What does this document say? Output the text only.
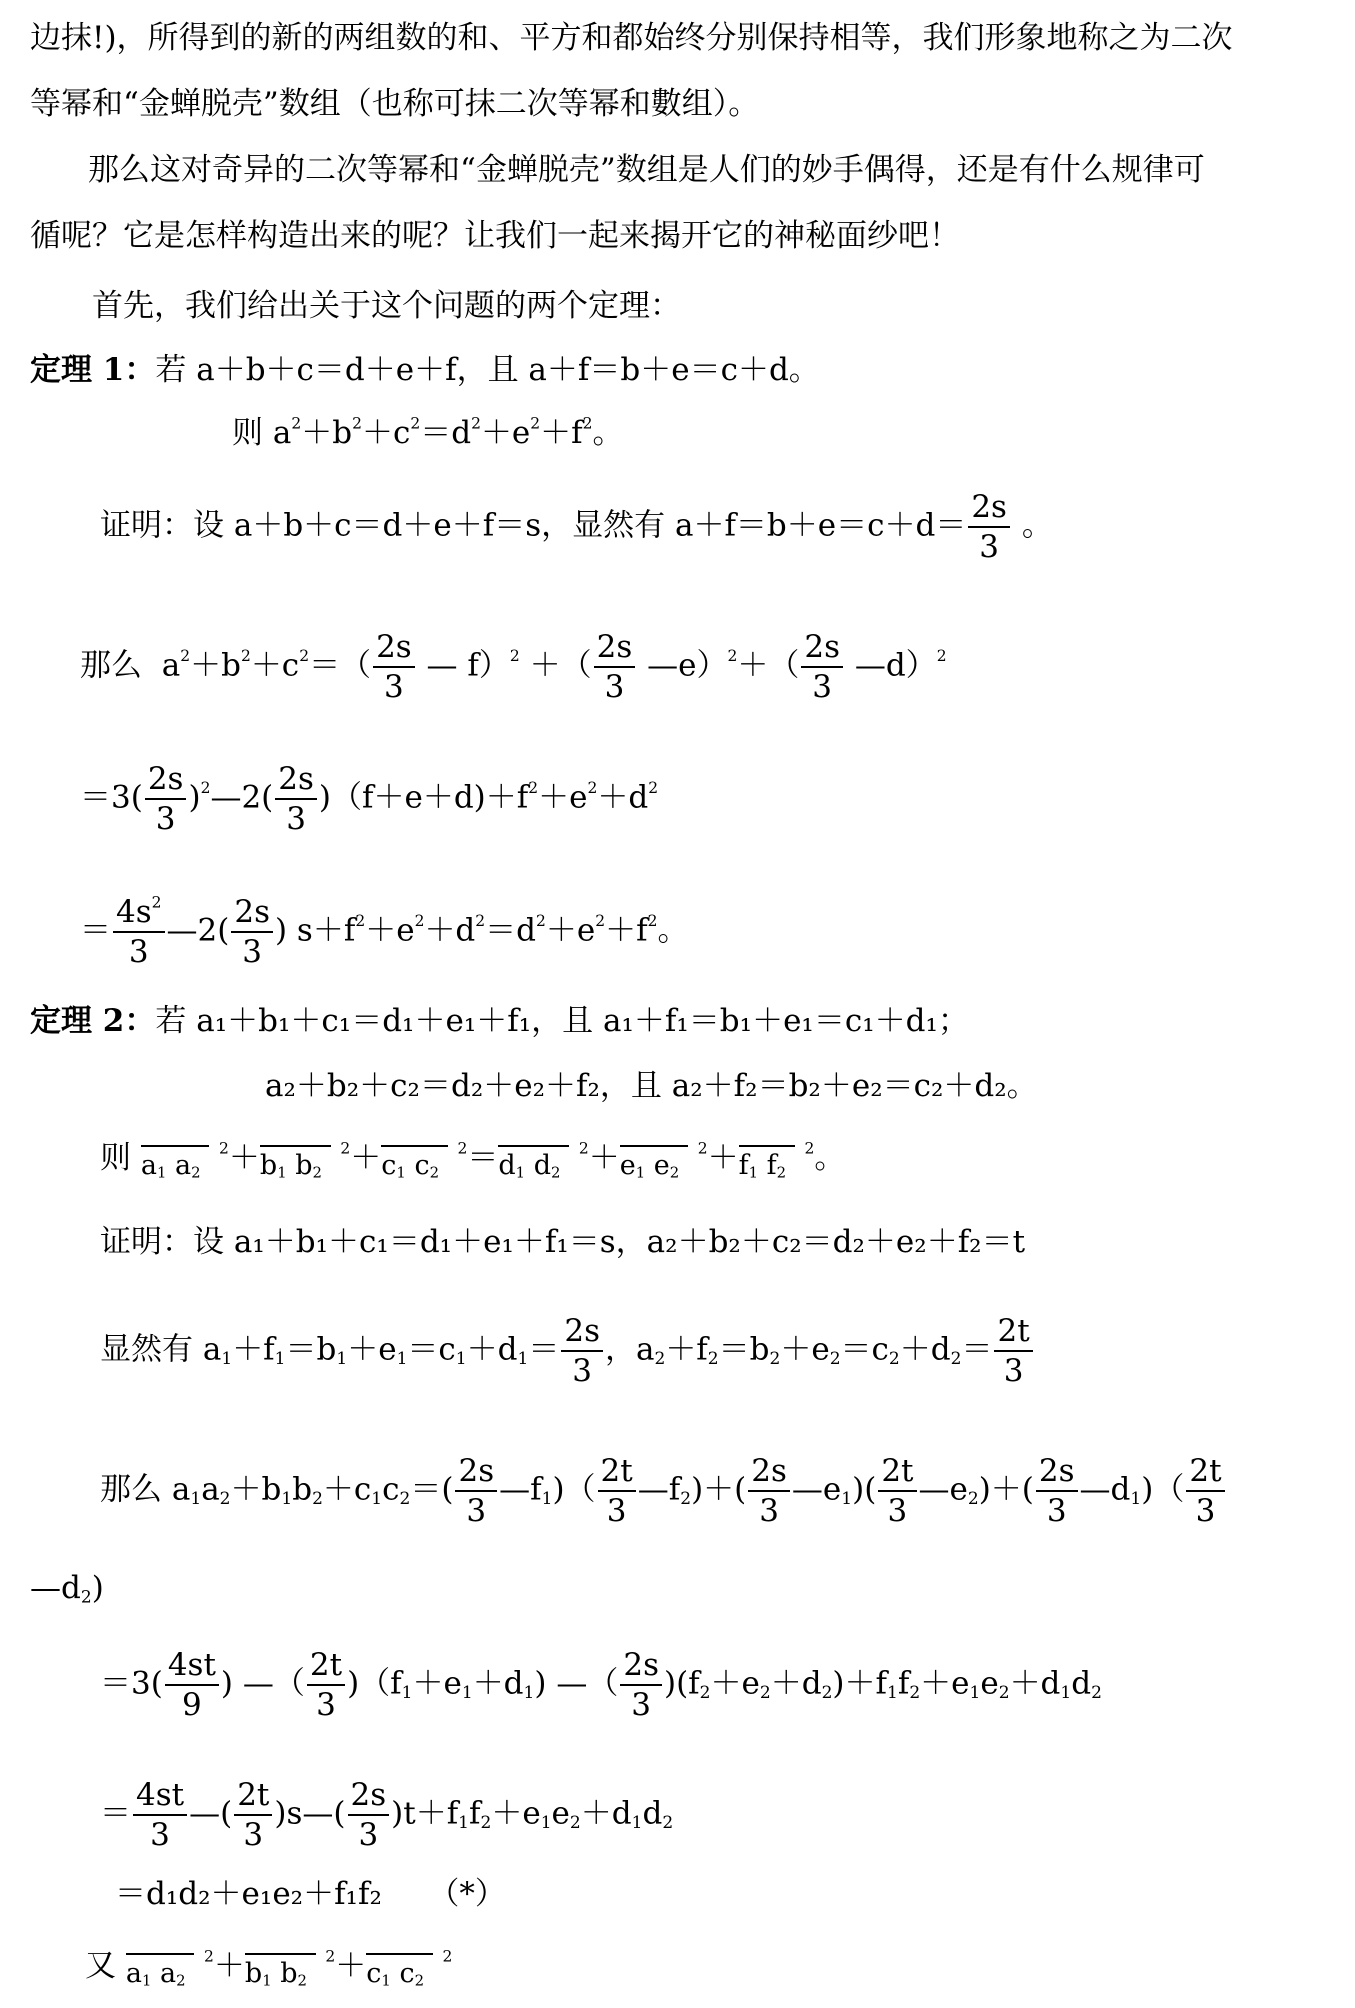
边抹!)，所得到的新的两组数的和、平方和都始终分别保持相等，我们形象地称之为二次
等幂和“金蝉脱壳”数组（也称可抹二次等幂和數组）。
那么这对奇异的二次等幂和“金蝉脱壳”数组是人们的妙手偶得，还是有什么规律可
循呢？它是怎样构造出来的呢？让我们一起来揭开它的神秘面纱吧！
首先，我们给出关于这个问题的两个定理：
定理 1：若 a＋b＋c＝d＋e＋f，且 a＋f＝b＋e＝c＋d。
则 $a^2+b^2+c^2=d^2+e^2+f^2$。
证明：设 a＋b＋c＝d＋e＋f＝s，显然有 $a+f=b+e=c+d= \frac{2s}{3}$ 。
那么  $a^2+b^2+c^2=( \frac{2s}{3}$ — f）$^2$ ＋（ $\frac{2s}{3}$ —e）$^2$＋（ $\frac{2s}{3}$ —d）$^2$
$=3( \frac{2s}{3}$ )$^2—2( \frac{2s}{3} )(f+e+d)+f^2+e^2+d^2$
＝ $\frac{4s^2}{3}$ —2( $\frac{2s}{3}$ ) $s+f^2+e^2+d^2=d^2+e^2+f^2$。
定理 2：若 a₁＋b₁＋c₁＝d₁＋e₁＋f₁，且 a₁＋f₁＝b₁＋e₁＝c₁＋d₁；
a₂＋b₂＋c₂＝d₂＋e₂＋f₂，且 a₂＋f₂＝b₂＋e₂＝c₂＋d₂。
则 $a_1$ $a_2$  $^2+b_1$ $b_2$  $^2+c_1$ $c_2$  $^2=d_1$ $d_2$  $^2+e_1$ $e_2$  $^2+f_1$ $f_2$  $^2$。
证明：设 a₁＋b₁＋c₁＝d₁＋e₁＋f₁＝s，a₂＋b₂＋c₂＝d₂＋e₂＋f₂＝t
显然有 $a_1+f_1=b_1+e_1=c_1+d_1= \frac{2s}{3}$ ，$a_2+f_2=b_2+e_2=c_2+d_2= \frac{2t}{3}$
那么 $a_1a_2+b_1b_2+c_1c_2=( \frac{2s}{3}$ $—f_1)( \frac{2t}{3}$ $—f_2)+( \frac{2s}{3}$ $—e_1)( \frac{2t}{3}$ $—e_2)+( \frac{2s}{3}$ $—d_1)( \frac{2t}{3}$
$—d_2$)
$=3( \frac{4st}{9}$ ) —（ $\frac{2t}{3} )(f_1+e_1+d_1)$ —（ $\frac{2s}{3} )(f_2+e_2+d_2)+f_1f_2+e_1e_2+d_1d_2$
＝ $\frac{4st}{3}$ —( $\frac{2t}{3}$ )s—( $\frac{2s}{3} )t+f_1f_2+e_1e_2+d_1d_2$
＝d₁d₂＋e₁e₂＋f₁f₂　　（*）
又 $a_1$ $a_2$  $^2+b_1$ $b_2$  $^2+c_1$ $c_2$  $^2$
